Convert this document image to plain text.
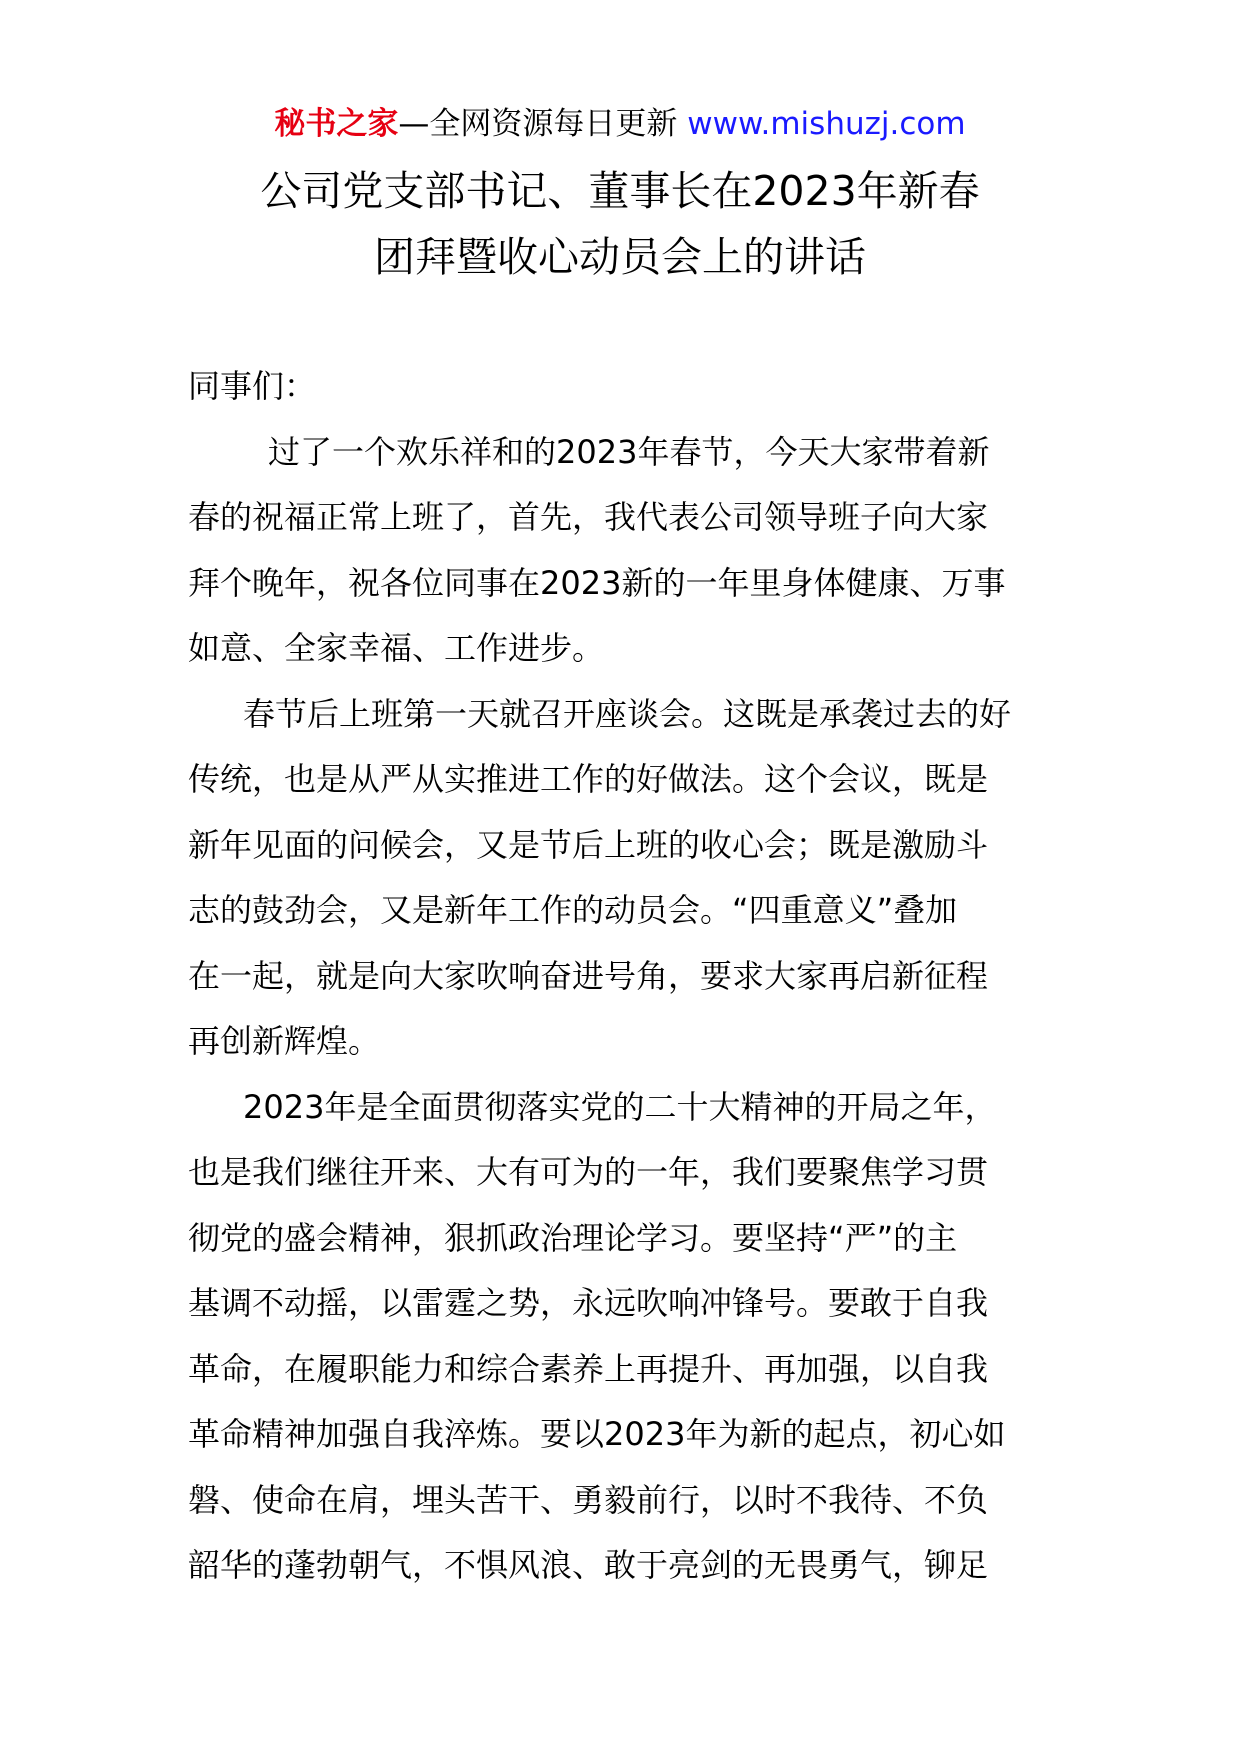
秘书之家—全网资源每日更新 www.mishuzj.com
公司党支部书记、董事长在2023年新春
团拜暨收心动员会上的讲话

同事们：

过了一个欢乐祥和的2023年春节，今天大家带着新
春的祝福正常上班了，首先，我代表公司领导班子向大家
拜个晚年，祝各位同事在2023新的一年里身体健康、万事
如意、全家幸福、工作进步。

春节后上班第一天就召开座谈会。这既是承袭过去的好
传统，也是从严从实推进工作的好做法。这个会议，既是
新年见面的问候会，又是节后上班的收心会；既是激励斗
志的鼓劲会，又是新年工作的动员会。“四重意义”叠加
在一起，就是向大家吹响奋进号角，要求大家再启新征程
再创新辉煌。

2023年是全面贯彻落实党的二十大精神的开局之年，
也是我们继往开来、大有可为的一年，我们要聚焦学习贯
彻党的盛会精神，狠抓政治理论学习。要坚持“严”的主
基调不动摇，以雷霆之势，永远吹响冲锋号。要敢于自我
革命，在履职能力和综合素养上再提升、再加强，以自我
革命精神加强自我淬炼。要以2023年为新的起点，初心如
磐、使命在肩，埋头苦干、勇毅前行，以时不我待、不负
韶华的蓬勃朝气，不惧风浪、敢于亮剑的无畏勇气，铆足
